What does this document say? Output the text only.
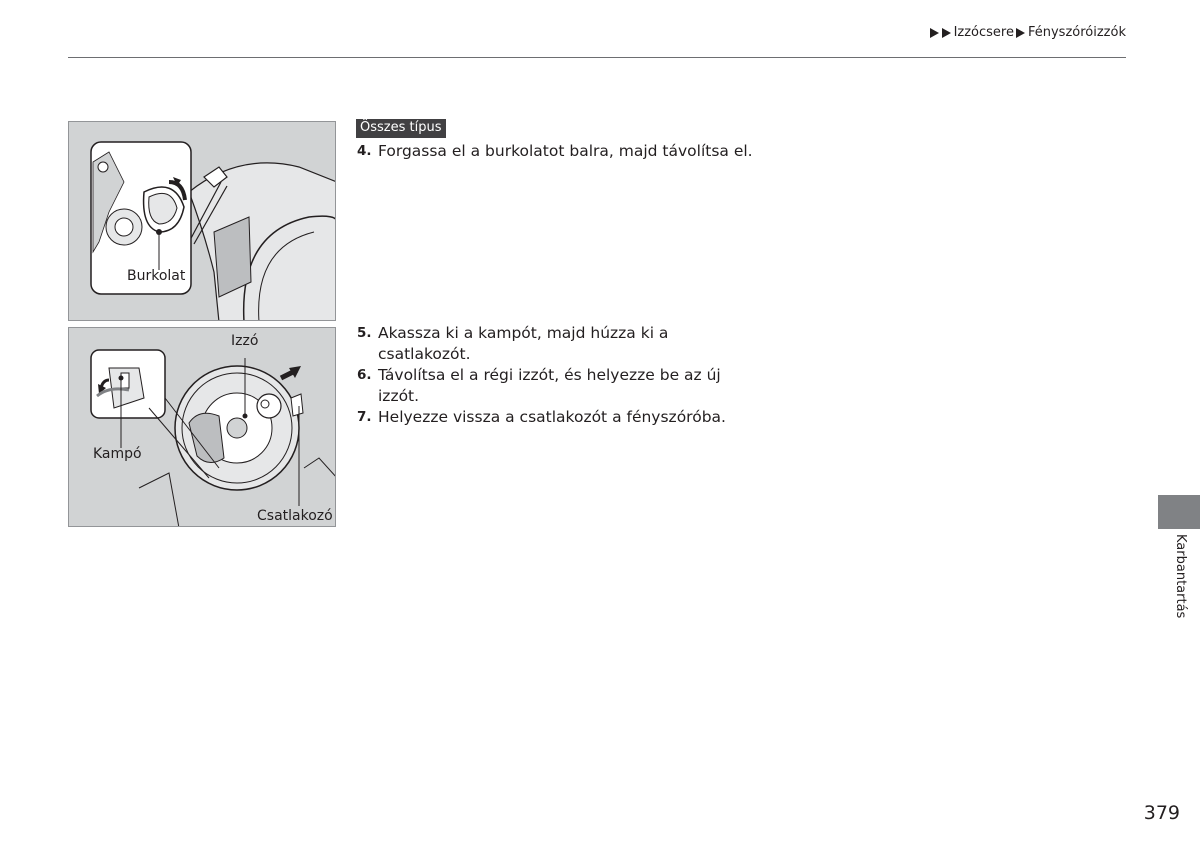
Izzócsere Fényszóróizzók
Burkolat
Izzó
Kampó
Csatlakozó
Összes típus
4. Forgassa el a burkolatot balra, majd távolítsa el.
5. Akassza ki a kampót, majd húzza ki a
csatlakozót.
6. Távolítsa el a régi izzót, és helyezze be az új
izzót.
7. Helyezze vissza a csatlakozót a fényszóróba.
Karbantartás
379
